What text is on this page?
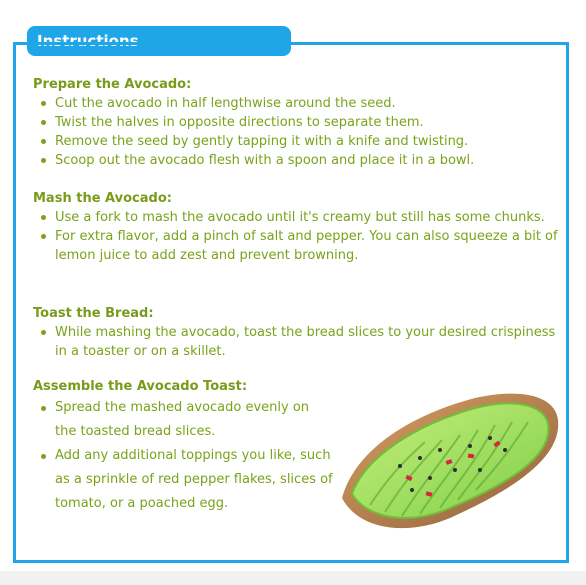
Instructions

Prepare the Avocado:

Cut the avocado in half lengthwise around the seed.
Twist the halves in opposite directions to separate them.
Remove the seed by gently tapping it with a knife and twisting.
Scoop out the avocado flesh with a spoon and place it in a bowl.

Mash the Avocado:

Use a fork to mash the avocado until it's creamy but still has some chunks.
For extra flavor, add a pinch of salt and pepper. You can also squeeze a bit of lemon juice to add zest and prevent browning.

Toast the Bread:

While mashing the avocado, toast the bread slices to your desired crispiness in a toaster or on a skillet.

Assemble the Avocado Toast:

Spread the mashed avocado evenly on the toasted bread slices.
Add any additional toppings you like, such as a sprinkle of red pepper flakes, slices of tomato, or a poached egg.
